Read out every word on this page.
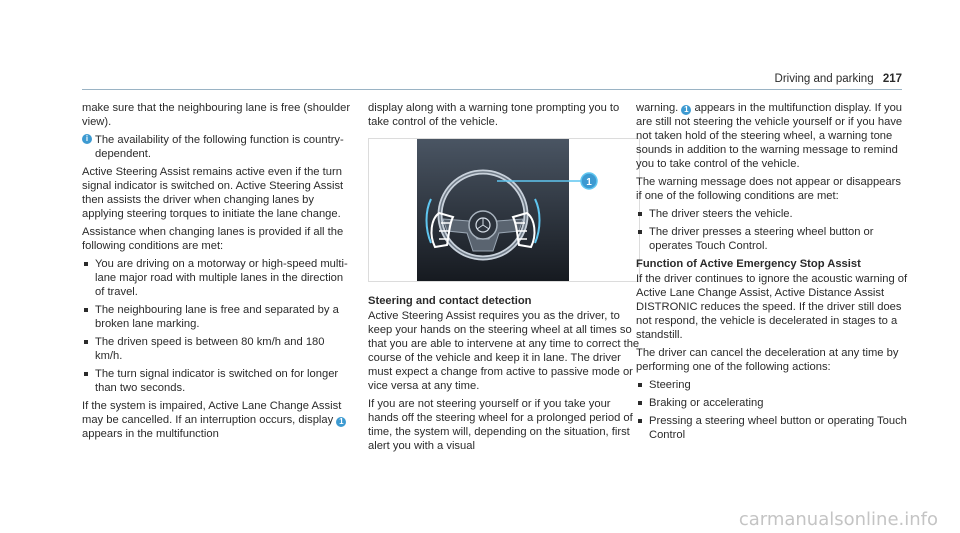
Driving and parking 217

make sure that the neighbouring lane is free (shoulder view).

i The availability of the following function is country-dependent.

Active Steering Assist remains active even if the turn signal indicator is switched on. Active Steering Assist then assists the driver when changing lanes by applying steering torques to initiate the lane change.

Assistance when changing lanes is provided if all the following conditions are met:

You are driving on a motorway or high-speed multi-lane major road with multiple lanes in the direction of travel.
The neighbouring lane is free and separated by a broken lane marking.
The driven speed is between 80 km/h and 180 km/h.
The turn signal indicator is switched on for longer than two seconds.

If the system is impaired, Active Lane Change Assist may be cancelled. If an interruption occurs, display 1 appears in the multifunction

display along with a warning tone prompting you to take control of the vehicle.

1
Steering and contact detection

Active Steering Assist requires you as the driver, to keep your hands on the steering wheel at all times so that you are able to intervene at any time to correct the course of the vehicle and keep it in lane. The driver must expect a change from active to passive mode or vice versa at any time.

If you are not steering yourself or if you take your hands off the steering wheel for a prolonged period of time, the system will, depending on the situation, first alert you with a visual

warning. 1 appears in the multifunction display. If you are still not steering the vehicle yourself or if you have not taken hold of the steering wheel, a warning tone sounds in addition to the warning message to remind you to take control of the vehicle.

The warning message does not appear or disappears if one of the following conditions are met:

The driver steers the vehicle.
The driver presses a steering wheel button or operates Touch Control.
Function of Active Emergency Stop Assist

If the driver continues to ignore the acoustic warning of Active Lane Change Assist, Active Distance Assist DISTRONIC reduces the speed. If the driver still does not respond, the vehicle is decelerated in stages to a standstill.

The driver can cancel the deceleration at any time by performing one of the following actions:

Steering
Braking or accelerating
Pressing a steering wheel button or operating Touch Control
carmanualsonline.info
